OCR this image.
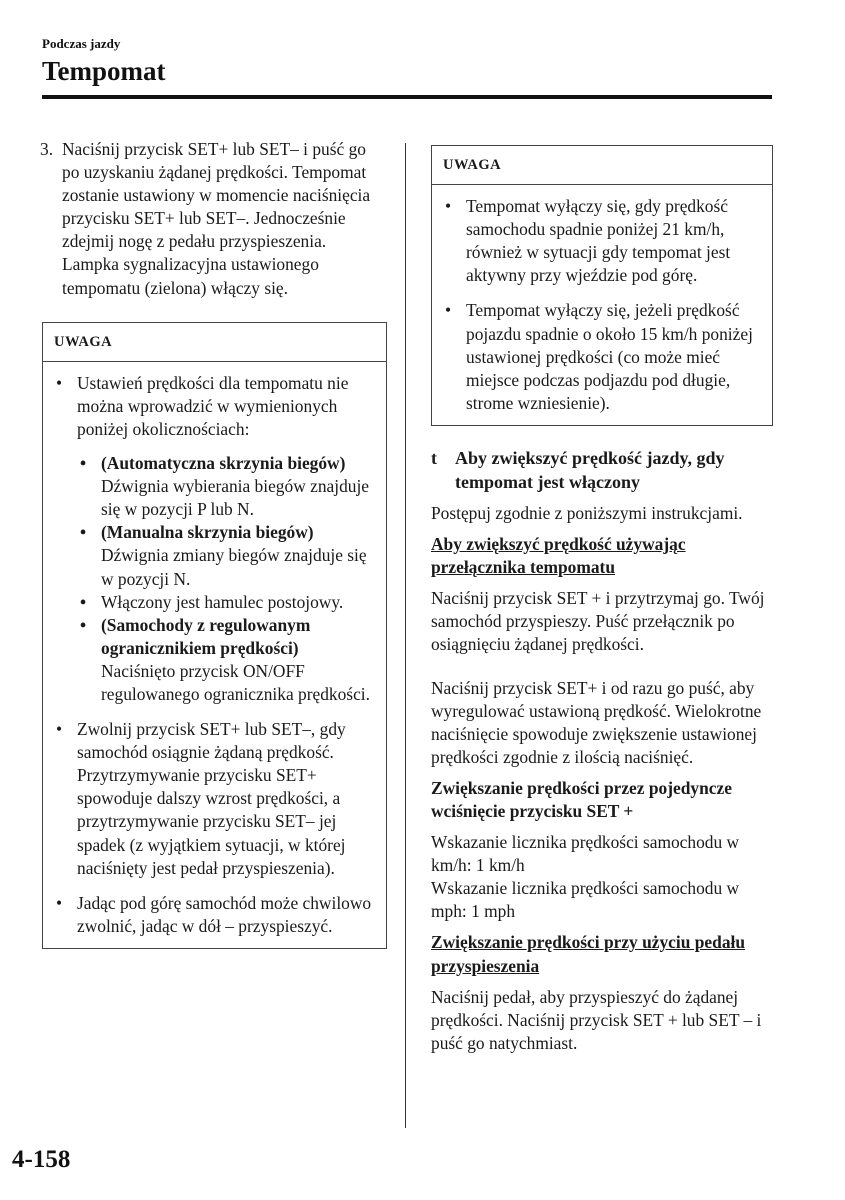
Podczas jazdy
Tempomat
3. Naciśnij przycisk SET+ lub SET– i puść go po uzyskaniu żądanej prędkości. Tempomat zostanie ustawiony w momencie naciśnięcia przycisku SET+ lub SET–. Jednocześnie zdejmij nogę z pedału przyspieszenia. Lampka sygnalizacyjna ustawionego tempomatu (zielona) włączy się.

UWAGA
• Ustawień prędkości dla tempomatu nie można wprowadzić w wymienionych poniżej okolicznościach:
• (Automatyczna skrzynia biegów)
Dźwignia wybierania biegów znajduje się w pozycji P lub N.
• (Manualna skrzynia biegów)
Dźwignia zmiany biegów znajduje się w pozycji N.
• Włączony jest hamulec postojowy.
• (Samochody z regulowanym ogranicznikiem prędkości)
Naciśnięto przycisk ON/OFF regulowanego ogranicznika prędkości.
• Zwolnij przycisk SET+ lub SET–, gdy samochód osiągnie żądaną prędkość. Przytrzymywanie przycisku SET+ spowoduje dalszy wzrost prędkości, a przytrzymywanie przycisku SET– jej spadek (z wyjątkiem sytuacji, w której naciśnięty jest pedał przyspieszenia).
• Jadąc pod górę samochód może chwilowo zwolnić, jadąc w dół – przyspieszyć.
UWAGA
• Tempomat wyłączy się, gdy prędkość samochodu spadnie poniżej 21 km/h, również w sytuacji gdy tempomat jest aktywny przy wjeździe pod górę.
• Tempomat wyłączy się, jeżeli prędkość pojazdu spadnie o około 15 km/h poniżej ustawionej prędkości (co może mieć miejsce podczas podjazdu pod długie, strome wzniesienie).
t Aby zwiększyć prędkość jazdy, gdy tempomat jest włączony

Postępuj zgodnie z poniższymi instrukcjami.

Aby zwiększyć prędkość używając przełącznika tempomatu

Naciśnij przycisk SET + i przytrzymaj go. Twój samochód przyspieszy. Puść przełącznik po osiągnięciu żądanej prędkości.

Naciśnij przycisk SET+ i od razu go puść, aby wyregulować ustawioną prędkość. Wielokrotne naciśnięcie spowoduje zwiększenie ustawionej prędkości zgodnie z ilością naciśnięć.

Zwiększanie prędkości przez pojedyncze wciśnięcie przycisku SET +

Wskazanie licznika prędkości samochodu w km/h: 1 km/h

Wskazanie licznika prędkości samochodu w mph: 1 mph

Zwiększanie prędkości przy użyciu pedału przyspieszenia

Naciśnij pedał, aby przyspieszyć do żądanej prędkości. Naciśnij przycisk SET + lub SET – i puść go natychmiast.

4-158
